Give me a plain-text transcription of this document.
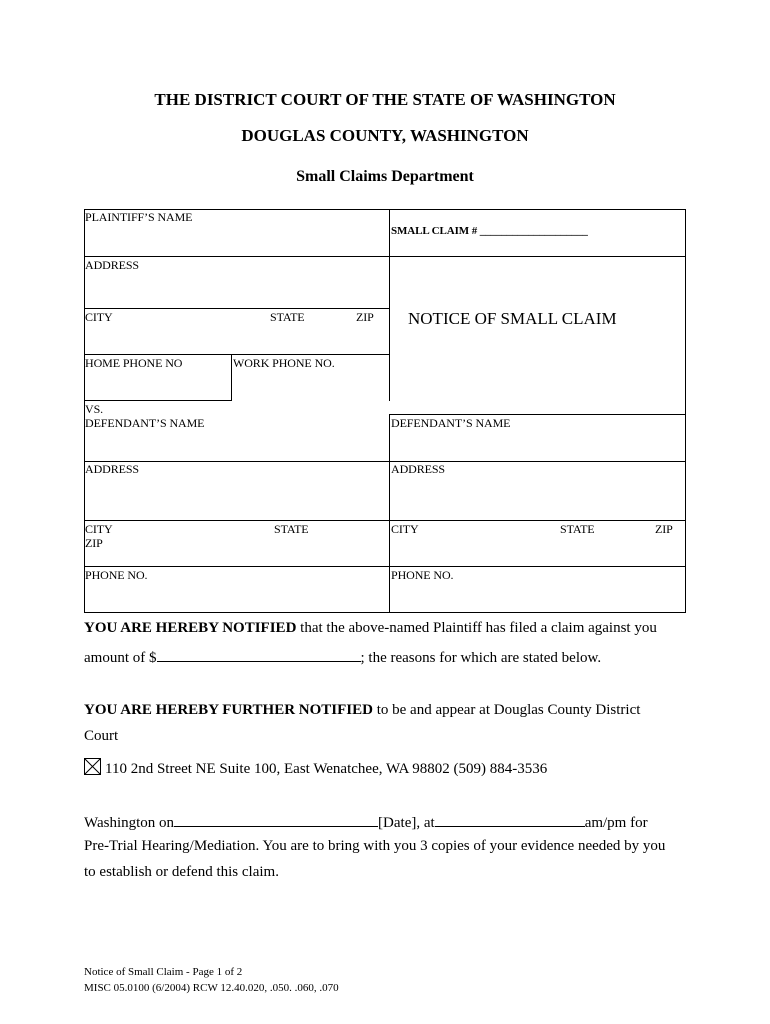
THE DISTRICT COURT OF THE STATE OF WASHINGTON
DOUGLAS COUNTY, WASHINGTON
Small Claims Department
PLAINTIFF’S NAME
SMALL CLAIM # ____________________
ADDRESS
CITY	STATE	ZIP
HOME PHONE NO	WORK PHONE NO.
NOTICE OF SMALL CLAIM
VS.
DEFENDANT’S NAME	DEFENDANT’S NAME
ADDRESS	ADDRESS
CITY	STATE
ZIP
CITY	STATE	ZIP
PHONE NO.	PHONE NO.
YOU ARE HEREBY NOTIFIED that the above-named Plaintiff has filed a claim against you
amount of $	; the reasons for which are stated below.
YOU ARE HEREBY FURTHER NOTIFIED to be and appear at Douglas County District
Court
110 2nd Street NE Suite 100, East Wenatchee, WA 98802 (509) 884-3536
Washington on	[Date], at	am/pm for
Pre-Trial Hearing/Mediation. You are to bring with you 3 copies of your evidence needed by you
to establish or defend this claim.
Notice of Small Claim - Page 1 of 2
MISC 05.0100 (6/2004) RCW 12.40.020, .050. .060, .070
